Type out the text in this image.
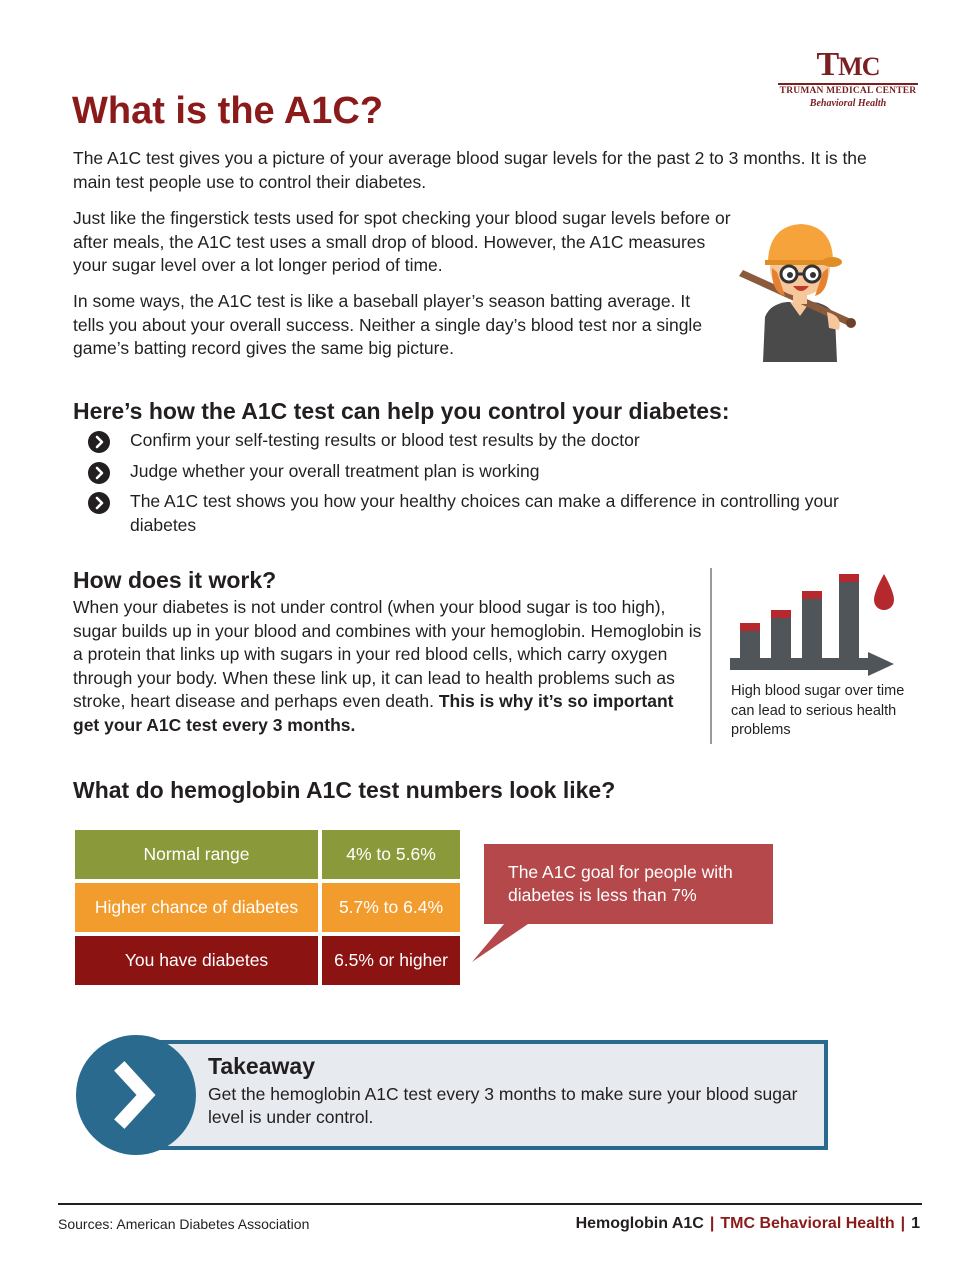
TMC
TRUMAN MEDICAL CENTER
Behavioral Health
What is the A1C?

The A1C test gives you a picture of your average blood sugar levels for the past 2 to 3 months. It is the main test people use to control their diabetes.

Just like the fingerstick tests used for spot checking your blood sugar levels before or after meals, the A1C test uses a small drop of blood. However, the A1C measures your sugar level over a lot longer period of time.

In some ways, the A1C test is like a baseball player’s season batting average. It tells you about your overall success. Neither a single day’s blood test nor a single game’s batting record gives the same big picture.

Here’s how the A1C test can help you control your diabetes:
Confirm your self-testing results or blood test results by the doctor
Judge whether your overall treatment plan is working
The A1C test shows you how your healthy choices can make a difference in controlling your diabetes
How does it work?

When your diabetes is not under control (when your blood sugar is too high), sugar builds up in your blood and combines with your hemoglobin. Hemoglobin is a protein that links up with sugars in your red blood cells, which carry oxygen through your body. When these link up, it can lead to health problems such as stroke, heart disease and perhaps even death. This is why it’s so important get your A1C test every 3 months.

High blood sugar over time can lead to serious health problems

What do hemoglobin A1C test numbers look like?
Normal range	4% to 5.6%
Higher chance of diabetes	5.7% to 6.4%
You have diabetes	6.5% or higher

The A1C goal for people with diabetes is less than 7%

Takeaway

Get the hemoglobin A1C test every 3 months to make sure your blood sugar level is under control.

Sources: American Diabetes Association	Hemoglobin A1C | TMC Behavioral Health | 1
